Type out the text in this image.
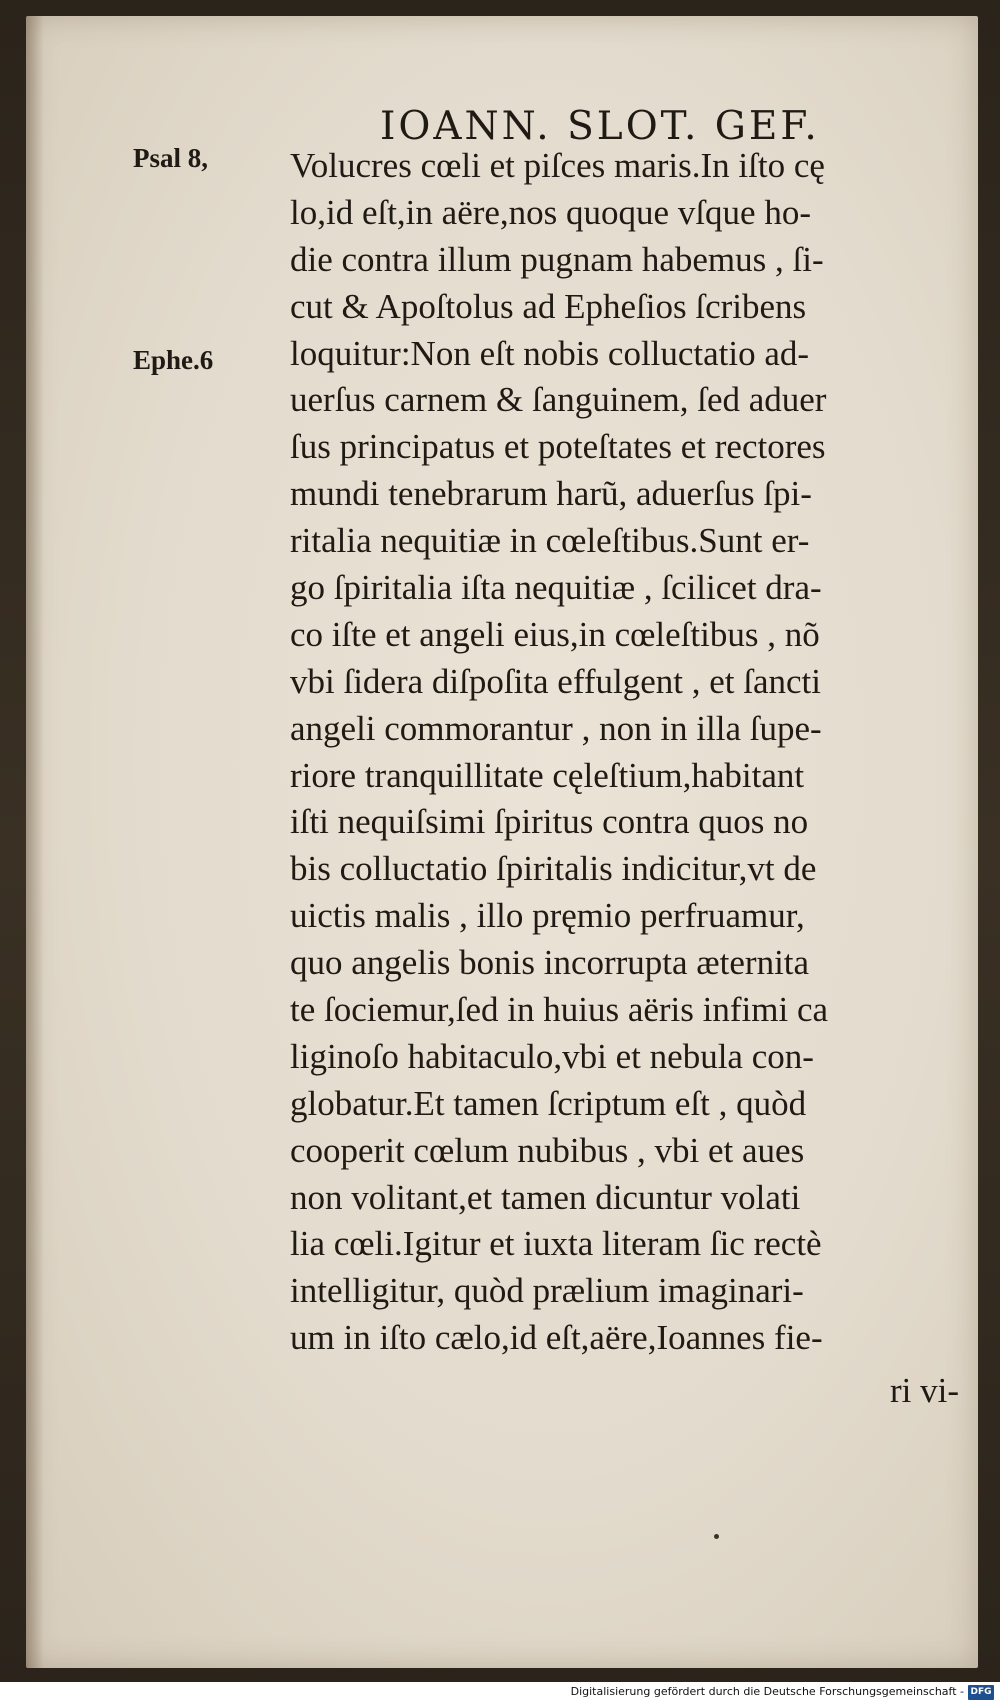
IOANN. SLOT. GEF.
Psal 8,
Ephe.6
Volucres cœli et piſces maris.In iſto cę
lo,id eſt,in aëre,nos quoque vſque ho-
die contra illum pugnam habemus , ſi-
cut & Apoſtolus ad Epheſios ſcribens
loquitur:Non eſt nobis colluctatio ad-
uerſus carnem & ſanguinem, ſed aduer
ſus principatus et poteſtates et rectores
mundi tenebrarum harũ, aduerſus ſpi-
ritalia nequitiæ in cœleſtibus.Sunt er-
go ſpiritalia iſta nequitiæ , ſcilicet dra-
co iſte et angeli eius,in cœleſtibus , nõ
vbi ſidera diſpoſita effulgent , et ſancti
angeli commorantur , non in illa ſupe-
riore tranquillitate cęleſtium,habitant
iſti nequiſsimi ſpiritus contra quos no
bis colluctatio ſpiritalis indicitur,vt de
uictis malis , illo pręmio perfruamur,
quo angelis bonis incorrupta æternita
te ſociemur,ſed in huius aëris infimi ca
liginoſo habitaculo,vbi et nebula con-
globatur.Et tamen ſcriptum eſt , quòd
cooperit cœlum nubibus , vbi et aues
non volitant,et tamen dicuntur volati
lia cœli.Igitur et iuxta literam ſic rectè
intelligitur, quòd prælium imaginari-
um in iſto cælo,id eſt,aëre,Ioannes fie-
ri vi-
Digitalisierung gefördert durch die Deutsche Forschungsgemeinschaft - DFG
